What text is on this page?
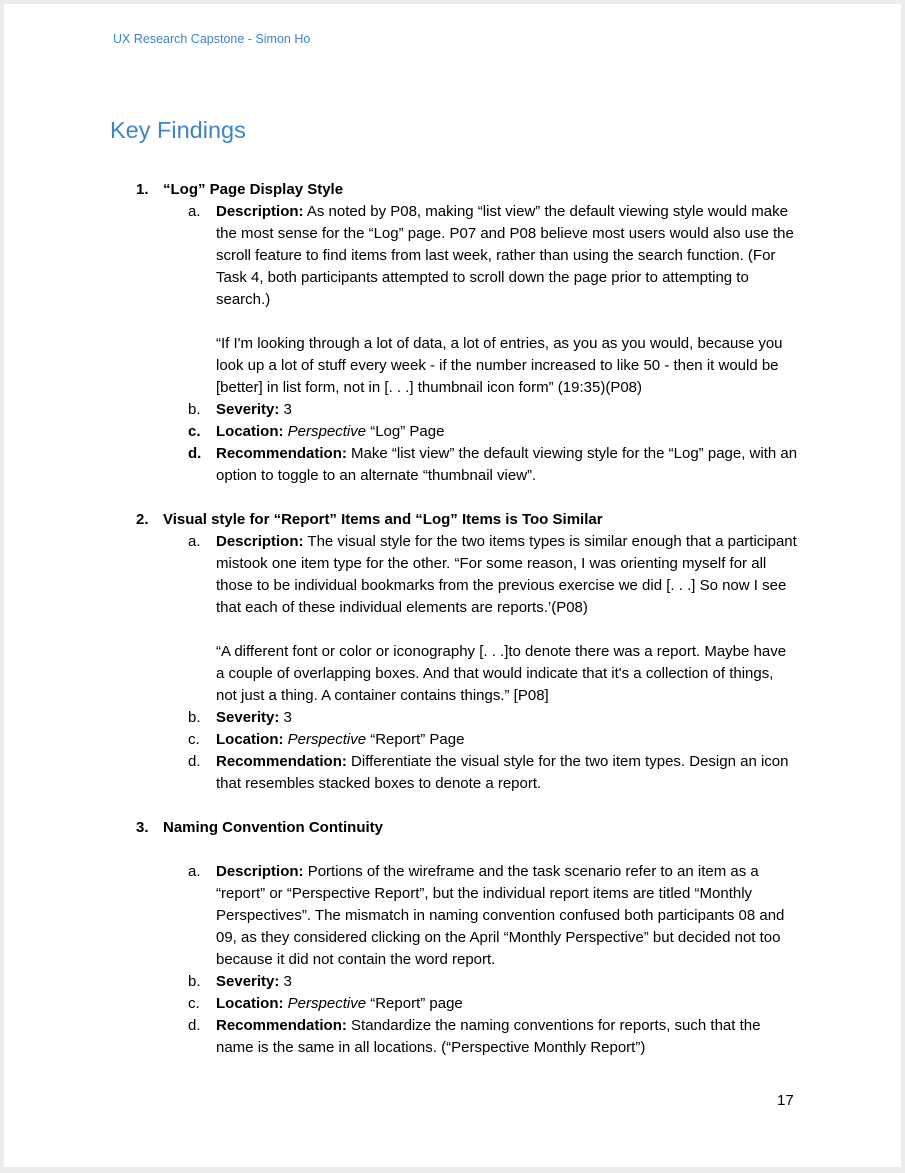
UX Research Capstone - Simon Ho
Key Findings
1. “Log” Page Display Style
a.	Description: As noted by P08, making “list view” the default viewing style would make the most sense for the “Log” page. P07 and P08 believe most users would also use the scroll feature to find items from last week, rather than using the search function. (For Task 4, both participants attempted to scroll down the page prior to attempting to search.)
“If I'm looking through a lot of data, a lot of entries, as you as you would, because you look up a lot of stuff every week - if the number increased to like 50 - then it would be [better] in list form, not in [. . .] thumbnail icon form” (19:35)(P08)
b.	Severity: 3
c.	Location: Perspective “Log” Page
d. Recommendation: Make “list view” the default viewing style for the “Log” page, with an option to toggle to an alternate “thumbnail view”.
2. Visual style for “Report” Items and “Log” Items is Too Similar
a.	Description: The visual style for the two items types is similar enough that a participant mistook one item type for the other. “For some reason, I was orienting myself for all those to be individual bookmarks from the previous exercise we did [. . .] So now I see that each of these individual elements are reports.’(P08)
“A different font or color or iconography [. . .]to denote there was a report. Maybe have a couple of overlapping boxes. And that would indicate that it's a collection of things, not just a thing. A container contains things.” [P08]
b.	Severity: 3
c.	Location: Perspective “Report” Page
d.	Recommendation: Differentiate the visual style for the two item types. Design an icon that resembles stacked boxes to denote a report.
3. Naming Convention Continuity
a.	Description: Portions of the wireframe and the task scenario refer to an item as a “report” or “Perspective Report”, but the individual report items are titled “Monthly Perspectives”. The mismatch in naming convention confused both participants 08 and 09, as they considered clicking on the April “Monthly Perspective” but decided not too because it did not contain the word report.
b.	Severity: 3
c.	Location: Perspective “Report” page
d.	Recommendation: Standardize the naming conventions for reports, such that the name is the same in all locations. (“Perspective Monthly Report”)
17
